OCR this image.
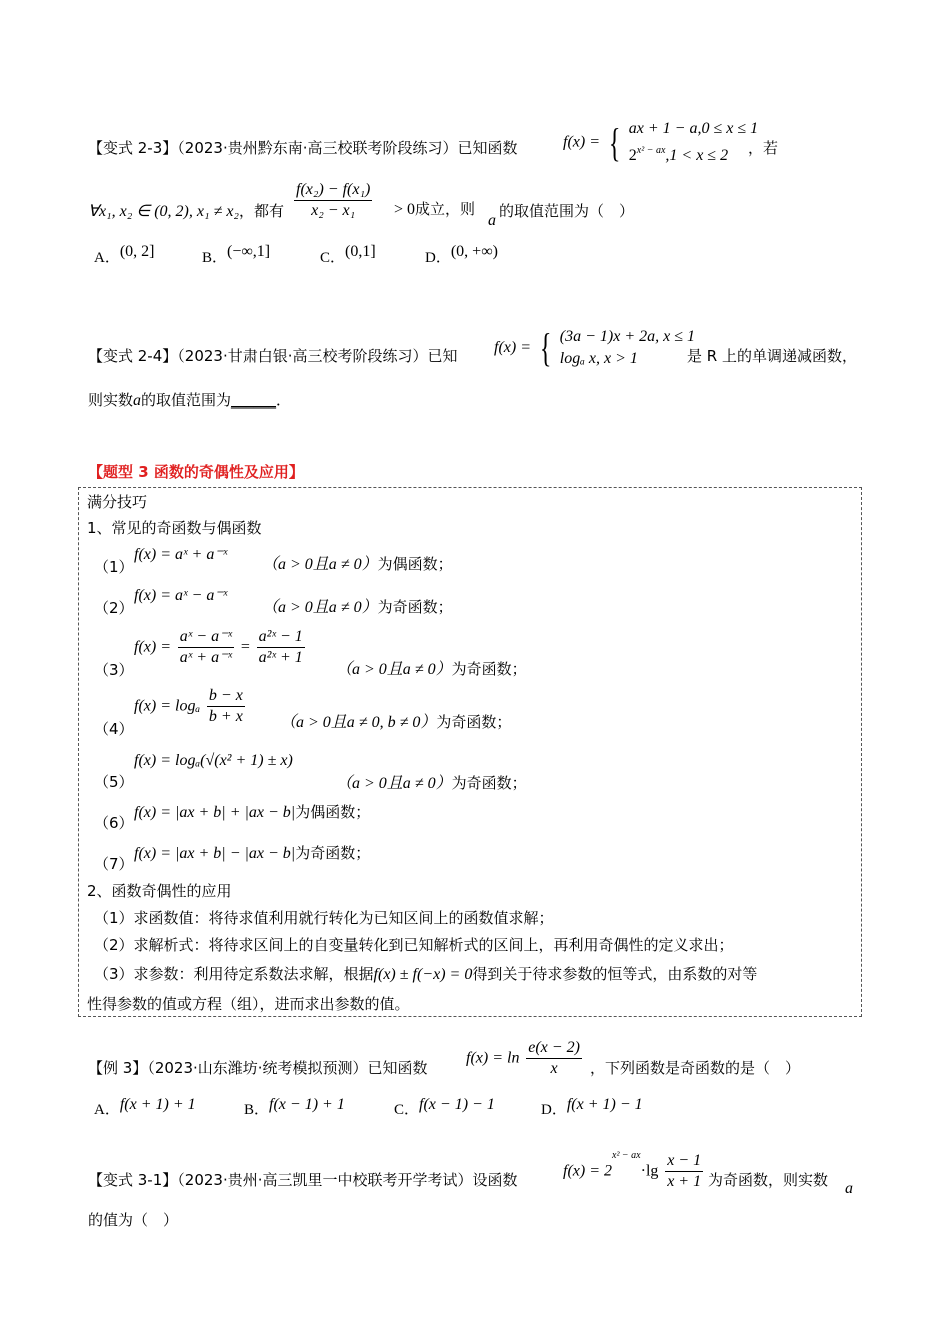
【变式 2-3】（2023·贵州黔东南·高三校联考阶段练习）已知函数	f(x) = { ax + 1 − a,0 ≤ x ≤ 1
$2^{x^2 - ax},1 < x \le 2$	，若
∀x₁, x₂ ∈ (0, 2), x₁ ≠ x₂，都有 $\frac{\text{f(x₂) − f(x₁)}}{\text{x₂ − x₁}} > 0$成立，则
a
的取值范围为（　）
A．(0, 2]	B．(−∞,1]	C．(0,1]	D．(0, +∞)
【变式 2-4】（2023·甘肃白银·高三校考阶段练习）已知 f(x) = { (3a − 1)x + 2a, x ≤ 1
logₐ x, x > 1	是 R 上的单调递减函数，
则实数a的取值范围为______．
【题型 3 函数的奇偶性及应用】
满分技巧
1、常见的奇函数与偶函数
（1）
f(x) = aˣ + a⁻ˣ
（a > 0且a ≠ 0）为偶函数；
（2）
f(x) = aˣ − a⁻ˣ
（a > 0且a ≠ 0）为奇函数；
（3）
$f(x) = \frac{\text{aˣ − a⁻ˣ}}{\text{aˣ + a⁻ˣ}} = \frac{\text{a²ˣ − 1}}{\text{a²ˣ + 1}}$
（a > 0且a ≠ 0）为奇函数；
（4）
f(x) = logₐ $\frac{b - x}{b + x} (a > 0$且a ≠ 0, b ≠ 0）为奇函数；
（5）
f(x) = logₐ(√(x² + 1) ± x)
（a > 0且a ≠ 0）为奇函数；
（6）
f(x) = |ax + b| + |ax − b|为偶函数；
（7）
f(x) = |ax + b| − |ax − b|为奇函数；
2、函数奇偶性的应用
（1）求函数值：将待求值利用就行转化为已知区间上的函数值求解；
（2）求解析式：将待求区间上的自变量转化到已知解析式的区间上，再利用奇偶性的定义求出；
（3）求参数：利用待定系数法求解，根据f(x) ± f(−x) = 0得到关于待求参数的恒等式，由系数的对等
性得参数的值或方程（组），进而求出参数的值。
【例 3】（2023·山东潍坊·统考模拟预测）已知函数
$f(x) = \ln \frac{e(x - 2)}{x}$ ，下列函数是奇函数的是（　）
A．f(x + 1) + 1	B．f(x − 1) + 1	C．f(x − 1) − 1	D．f(x + 1) − 1
【变式 3-1】（2023·贵州·高三凯里一中校联考开学考试）设函数	$f(x) = 2^{x^2 - ax}\cdot\lg \frac{x - 1}{x + 1}$ 为奇函数，则实数 a
的值为（　）
